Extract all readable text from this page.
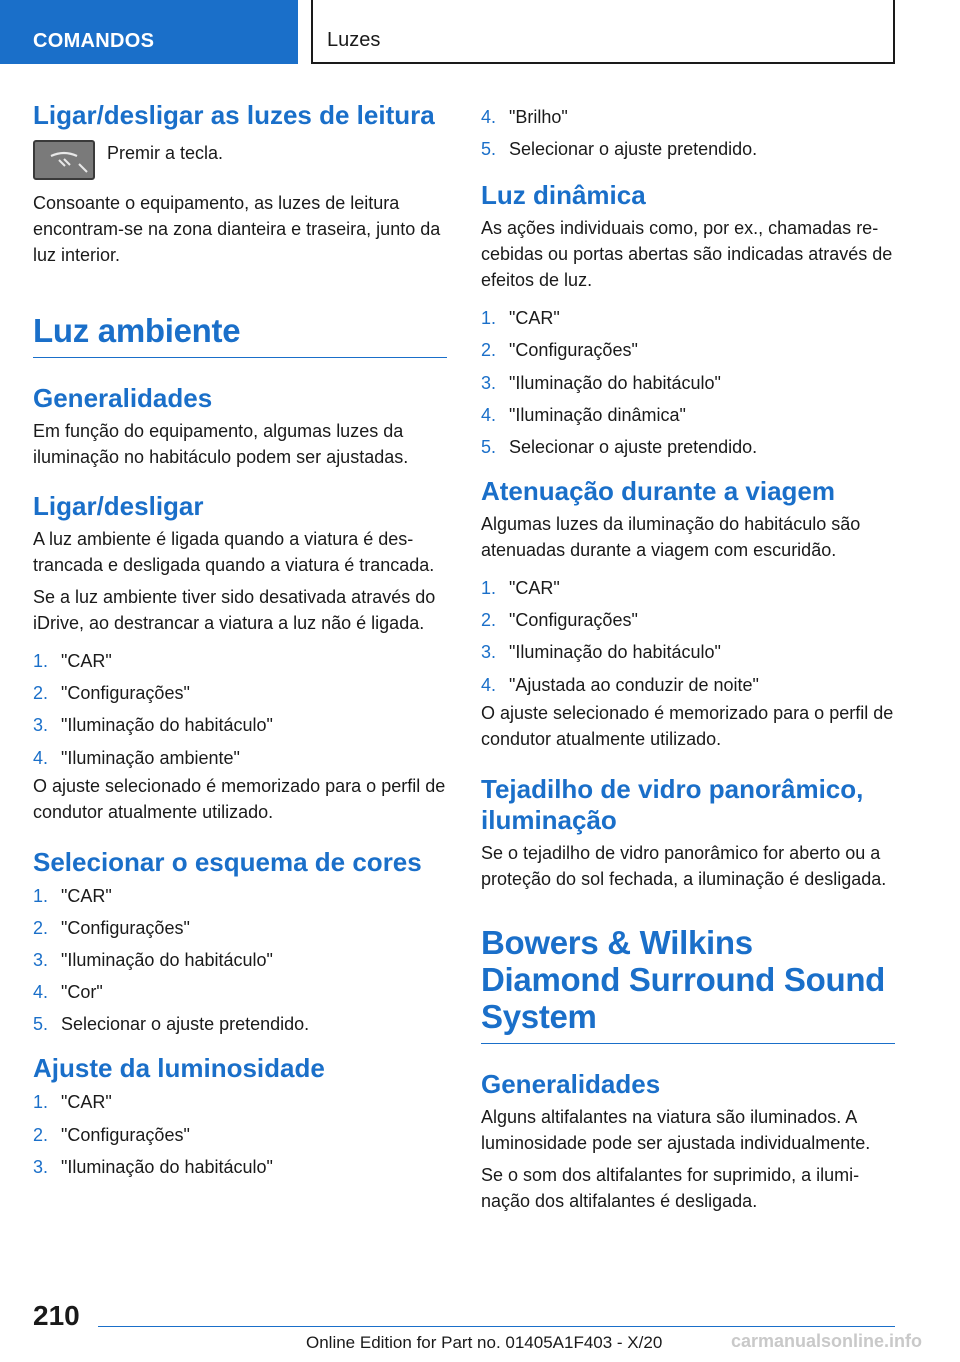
COMANDOS	Luzes
Ligar/desligar as luzes de leitura
Premir a tecla.
Consoante o equipamento, as luzes de leitura encontram-se na zona dianteira e traseira, junto da luz interior.
Luz ambiente
Generalidades
Em função do equipamento, algumas luzes da iluminação no habitáculo podem ser ajustadas.
Ligar/desligar
A luz ambiente é ligada quando a viatura é destrancada e desligada quando a viatura é trancada.
Se a luz ambiente tiver sido desativada através do iDrive, ao destrancar a viatura a luz não é ligada.
1. "CAR"
2. "Configurações"
3. "Iluminação do habitáculo"
4. "Iluminação ambiente"
O ajuste selecionado é memorizado para o perfil de condutor atualmente utilizado.
Selecionar o esquema de cores
1. "CAR"
2. "Configurações"
3. "Iluminação do habitáculo"
4. "Cor"
5. Selecionar o ajuste pretendido.
Ajuste da luminosidade
1. "CAR"
2. "Configurações"
3. "Iluminação do habitáculo"
4. "Brilho"
5. Selecionar o ajuste pretendido.
Luz dinâmica
As ações individuais como, por ex., chamadas recebidas ou portas abertas são indicadas através de efeitos de luz.
1. "CAR"
2. "Configurações"
3. "Iluminação do habitáculo"
4. "Iluminação dinâmica"
5. Selecionar o ajuste pretendido.
Atenuação durante a viagem
Algumas luzes da iluminação do habitáculo são atenuadas durante a viagem com escuridão.
1. "CAR"
2. "Configurações"
3. "Iluminação do habitáculo"
4. "Ajustada ao conduzir de noite"
O ajuste selecionado é memorizado para o perfil de condutor atualmente utilizado.
Tejadilho de vidro panorâmico, iluminação
Se o tejadilho de vidro panorâmico for aberto ou a proteção do sol fechada, a iluminação é desligada.
Bowers & Wilkins Diamond Surround Sound System
Generalidades
Alguns altifalantes na viatura são iluminados. A luminosidade pode ser ajustada individualmente.
Se o som dos altifalantes for suprimido, a iluminação dos altifalantes é desligada.
210
Online Edition for Part no. 01405A1F403 - X/20	carmanualsonline.info
